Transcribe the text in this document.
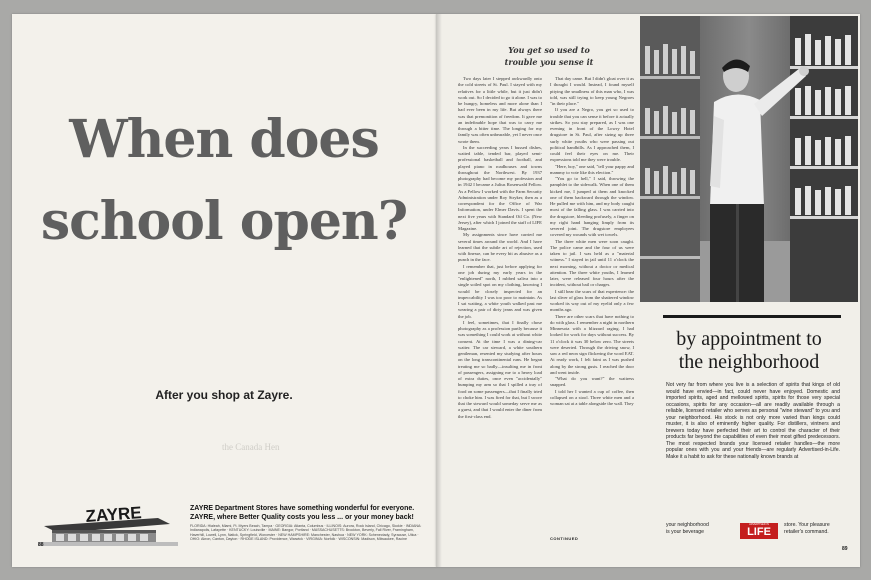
When does
school open?
After you shop at Zayre.
the Canada Hen
ZAYRE	ZAYRE Department Stores have something wonderful for everyone.
ZAYRE, where Better Quality costs you less ... or your money back!
FLORIDA: Hialeah, Miami, Ft. Myers Beach, Tampa · GEORGIA: Atlanta, Columbus · ILLINOIS: Aurora, Rock Island, Chicago, Skokie · INDIANA: Indianapolis, Lafayette · KENTUCKY: Louisville · MAINE: Bangor, Portland · MASSACHUSETTS: Brockton, Beverly, Fall River, Framingham, Haverhill, Lowell, Lynn, Natick, Springfield, Worcester · NEW HAMPSHIRE: Manchester, Nashua · NEW YORK: Schenectady, Syracuse, Utica · OHIO: Akron, Canton, Dayton · RHODE ISLAND: Providence, Warwick · VIRGINIA: Norfolk · WISCONSIN: Madison, Milwaukee, Racine
88
You get so used to
trouble you sense it

Two days later I stepped awkwardly onto the cold streets of St. Paul. I stayed with my relatives for a little while, but it just didn't work out. So I decided to go it alone. I was to be hungry, homeless and more alone than I had ever been in my life. But always there was that premonition of freedom. It gave me an indefinable hope that was to carry me through a bitter time. The longing for my family was often unbearable, yet I never once wrote them.

In the succeeding years I bussed dishes, waited table, tended bar, played semi-professional basketball and football, and played piano in roadhouses and towns throughout the Northwest. By 1937 photography had become my profession and in 1942 I became a Julius Rosenwald Fellow. As a Fellow I worked with the Farm Security Administration under Roy Stryker, then as a correspondent for the Office of War Information, under Elmer Davis. I spent the next five years with Standard Oil Co. (New Jersey), after which I joined the staff of LIFE Magazine.

My assignments since have carried me several times around the world. And I have learned that the subtle art of rejection, used with finesse, can be every bit as abusive as a punch in the face.

I remember that, just before applying for one job during my early years in the "enlightened" north, I rubbed saliva into a single soiled spot on my clothing, knowing I would be closely inspected for an impeccability I was too poor to maintain. As I sat waiting, a white youth walked past me wearing a pair of dirty jeans and was given the job.

I feel, sometimes, that I finally chose photography as a profession partly because it was something I could work at without white consent. At the time I was a dining-car waiter. The car steward, a white southern gentleman, resented my studying after hours on the long transcontinental runs. He began treating me so badly—insulting me in front of passengers, assigning me to a heavy load of extra duties, once even "accidentally" bumping my arm so that I spilled a tray of food on some passengers—that I finally tried to choke him. I was fired for that, but I swore that the steward would someday serve me as a guest, and that I would enter the diner from the first-class end.

That day came. But I didn't gloat over it as I thought I would. Instead, I found myself pitying the smallness of this man who, I was told, was still trying to keep young Negroes "in their place."

If you are a Negro, you get so used to trouble that you can sense it before it actually strikes. So you stay prepared, as I was one evening in front of the Lowry Hotel drugstore in St. Paul, after sizing up three surly white youths who were passing out political handbills. As I approached them, I could feel their eyes on me. Their expressions told me they were trouble.

"Here, boy," one said, "tell your pappy and mammy to vote like this election."

"You go to hell," I said, throwing the pamphlet to the sidewalk. When one of them kicked me, I jumped at them and knocked one of them backward through the window. He pulled me with him, and my body caught most of the falling glass. I was carried into the drugstore, bleeding profusely, a finger on my right hand hanging limply from its severed joint. The drugstore employees covered my wounds with wet towels.

The three white men were soon caught. The police came and the four of us were taken to jail. I was held as a "material witness." I stayed in jail until 11 o'clock the next morning, without a doctor or medical attention. The three white youths, I learned later, were released four hours after the incident, without bail or charges.

I still bear the scars of that experience: the last sliver of glass from the shattered window worked its way out of my eyelid only a few months ago.

There are other scars that have nothing to do with glass. I remember a night in northern Minnesota with a blizzard raging. I had looked for work for days without success. By 11 o'clock it was 30 below zero. The streets were deserted. Through the driving snow, I saw a red neon sign flickering the word EAT. At ready work, I felt faint as I was pushed along by the strong gusts. I reached the door and went inside.

"What do you want?" the waitress snapped.

I told her I wanted a cup of coffee, then collapsed on a stool. Three white men and a woman sat at a table alongside the wall. They

CONTINUED
by appointment to
the neighborhood

Not very far from where you live is a selection of spirits that kings of old would have envied—in fact, could never have enjoyed. Domestic and imported spirits, aged and mellowed spirits, spirits for those very special occasions, spirits for any occasion—all are readily available through a reliable, licensed retailer who serves as personal "wine steward" to you and your neighborhood. His stock is not only more varied than kings could muster, it is also of eminently higher quality. For distillers, vintners and brewers today have perfected their art to control the character of their products far beyond the capabilities of even their most gifted predecessors. The most respected brands your licensed retailer handles—the more popular ones with you and your friends—are regularly Advertised-in-Life. Make it a habit to ask for these nationally known brands at

your neighborhood
is your beverage
ADVERTISED IN
LIFE
store. Your pleasure
retailer's command.
89
